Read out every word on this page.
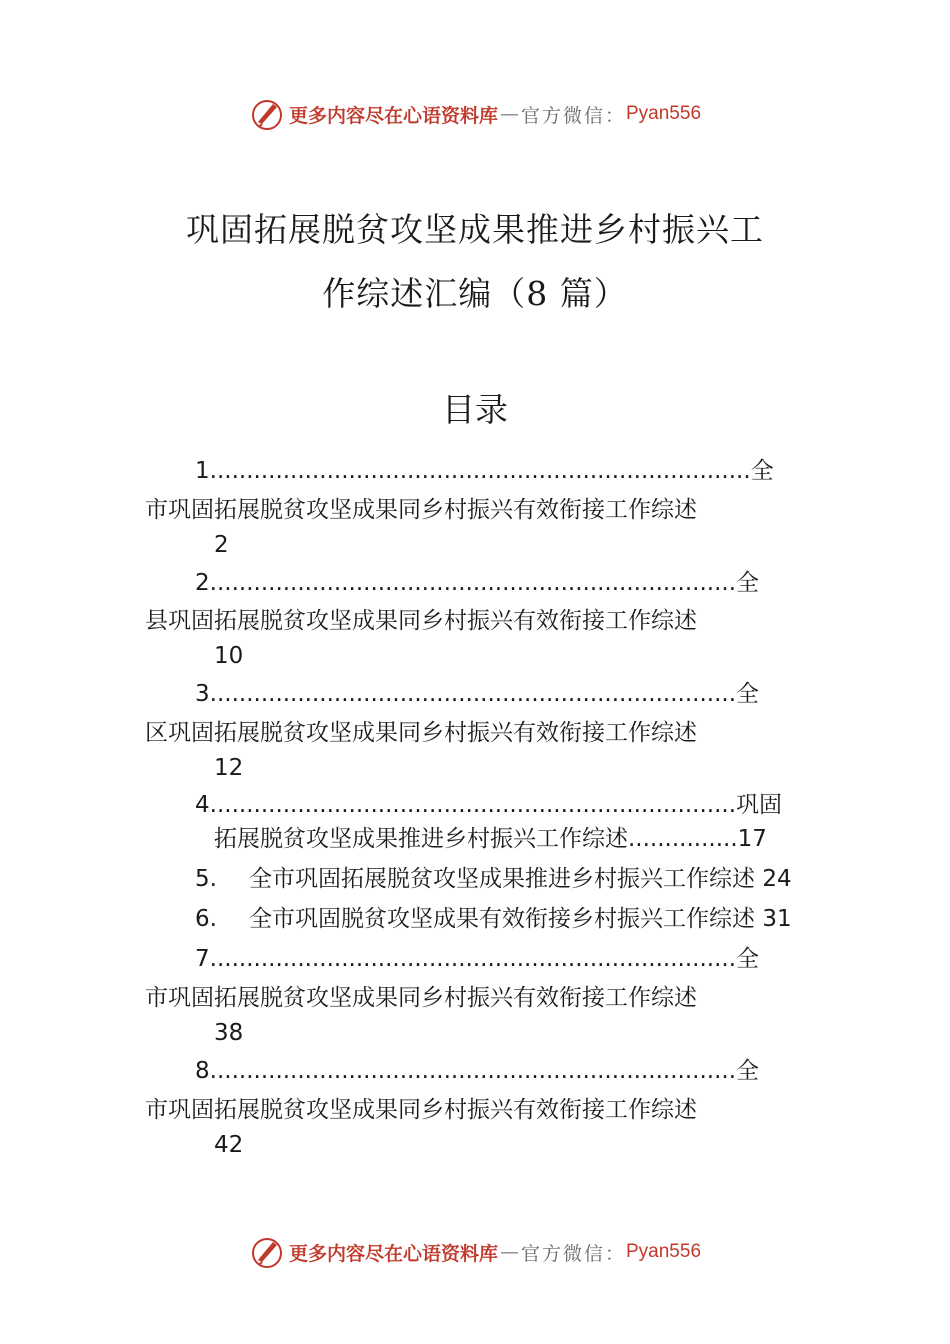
更多内容尽在心语资料库 — 官方微信： Pyan556
巩固拓展脱贫攻坚成果推进乡村振兴工
作综述汇编（8 篇）
目录
1..........................................................................全
市巩固拓展脱贫攻坚成果同乡村振兴有效衔接工作综述
2
2........................................................................全
县巩固拓展脱贫攻坚成果同乡村振兴有效衔接工作综述
10
3........................................................................全
区巩固拓展脱贫攻坚成果同乡村振兴有效衔接工作综述
12
4........................................................................巩固
拓展脱贫攻坚成果推进乡村振兴工作综述...............17
5. 全市巩固拓展脱贫攻坚成果推进乡村振兴工作综述 24
6. 全市巩固脱贫攻坚成果有效衔接乡村振兴工作综述 31
7........................................................................全
市巩固拓展脱贫攻坚成果同乡村振兴有效衔接工作综述
38
8........................................................................全
市巩固拓展脱贫攻坚成果同乡村振兴有效衔接工作综述
42
更多内容尽在心语资料库 — 官方微信： Pyan556
